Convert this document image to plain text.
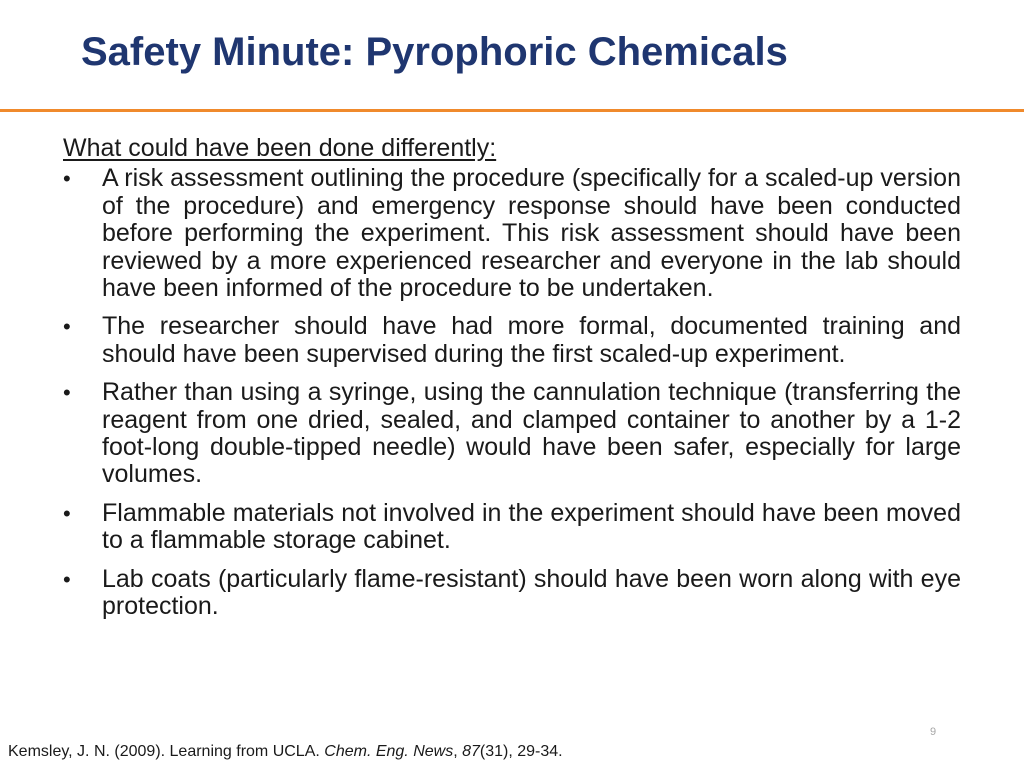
Safety Minute: Pyrophoric Chemicals
What could have been done differently:
•	A risk assessment outlining the procedure (specifically for a scaled-up version of the procedure) and emergency response should have been conducted before performing the experiment. This risk assessment should have been reviewed by a more experienced researcher and everyone in the lab should have been informed of the procedure to be undertaken.
•	The researcher should have had more formal, documented training and should have been supervised during the first scaled-up experiment.
•	Rather than using a syringe, using the cannulation technique (transferring the reagent from one dried, sealed, and clamped container to another by a 1-2 foot-long double-tipped needle) would have been safer, especially for large volumes.
•	Flammable materials not involved in the experiment should have been moved to a flammable storage cabinet.
•	Lab coats (particularly flame-resistant) should have been worn along with eye protection.
9
Kemsley, J. N. (2009). Learning from UCLA. Chem. Eng. News, 87(31), 29-34.
